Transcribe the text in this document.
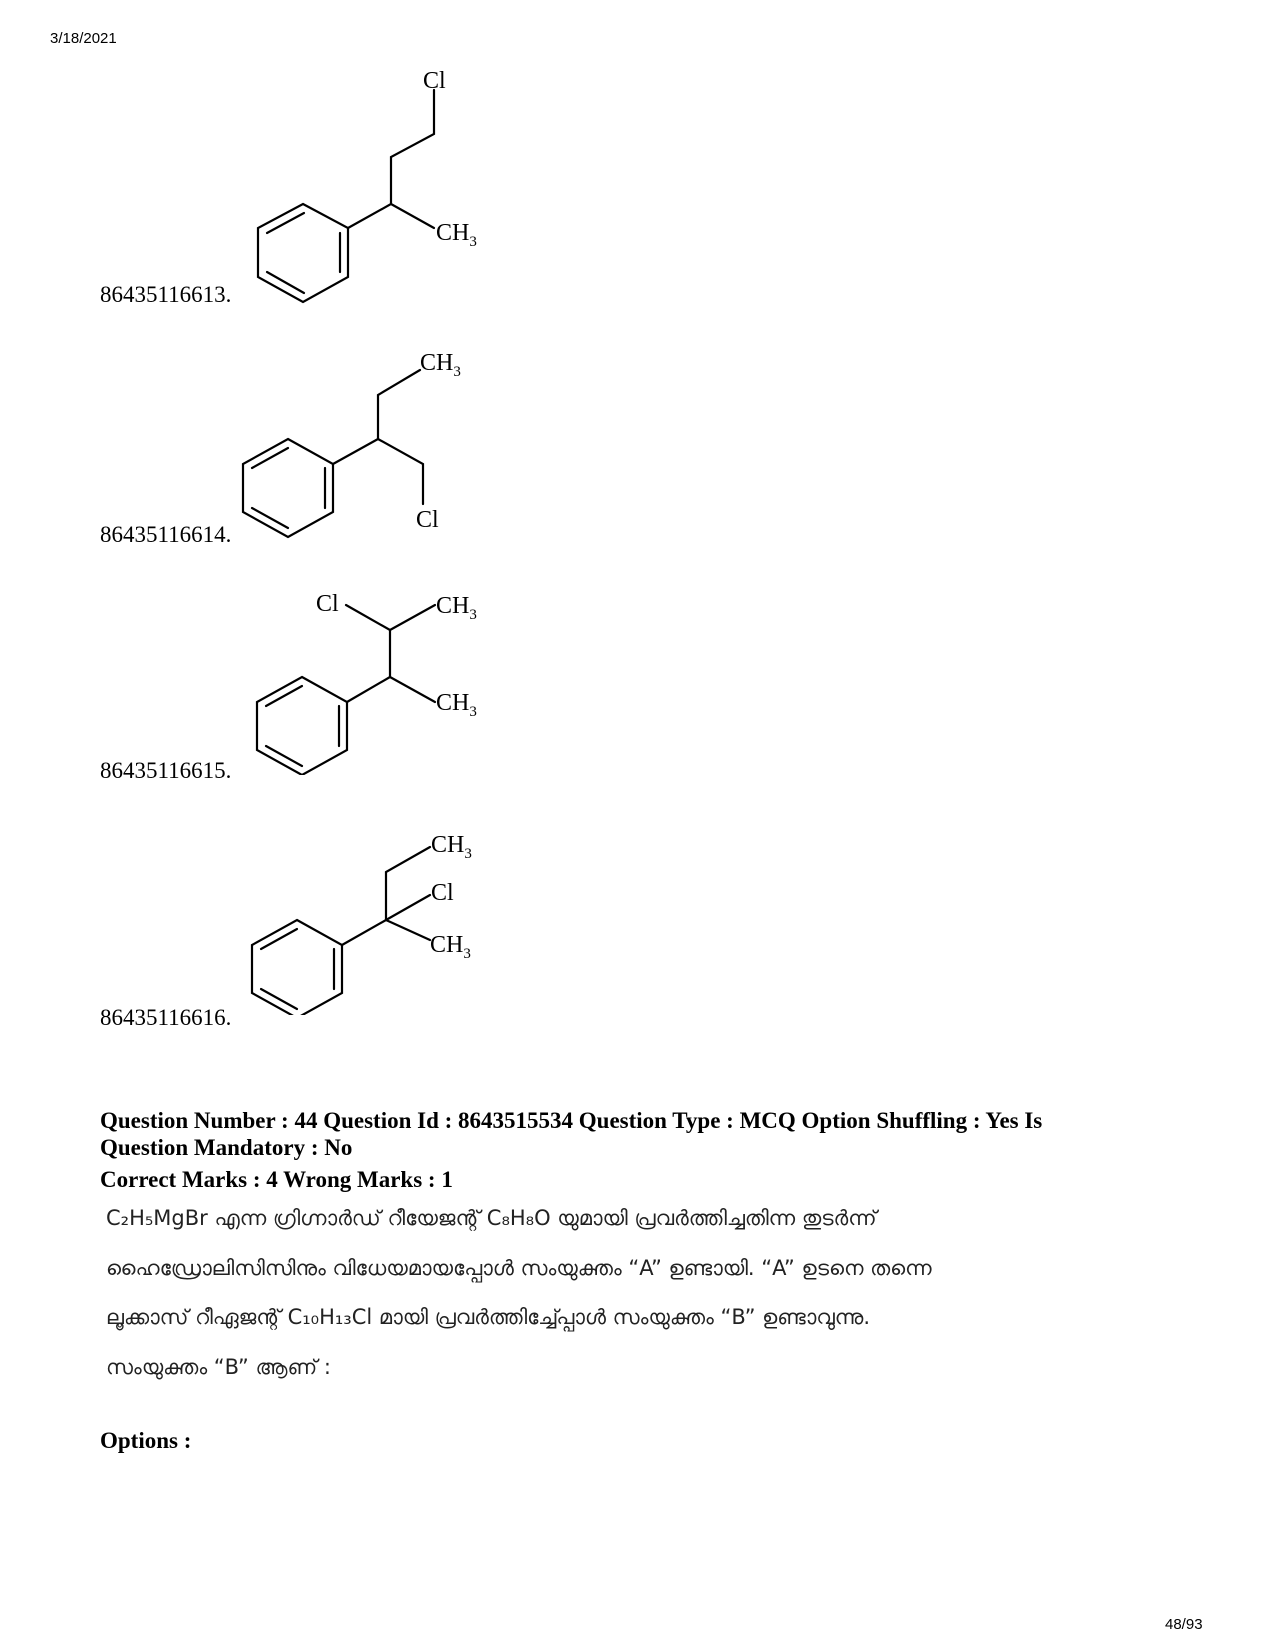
3/18/2021
Cl
$CH_3$
86435116613.
$CH_3$
Cl
86435116614.
Cl	$CH_3$
$CH_3$
86435116615.
$CH_3$
Cl
$CH_3$
86435116616.
Question Number : 44 Question Id : 8643515534 Question Type : MCQ Option Shuffling : Yes Is
Question Mandatory : No
Correct Marks : 4 Wrong Marks : 1
C₂H₅MgBr എന്ന ഗ്രിഗ്നാർഡ് റീയേജന്റ് C₈H₈O യുമായി പ്രവർത്തിച്ചതിന്ന തുടർന്ന്
ഹൈഡ്രോലിസിസിനും വിധേയമായപ്പോൾ സംയുക്തം “A” ഉണ്ടായി. “A” ഉടനെ തന്നെ
ലൂക്കാസ് റീഏജന്റ് C₁₀H₁₃Cl മായി പ്രവർത്തിച്ച്പ്പോൾ സംയുക്തം “B” ഉണ്ടാവുന്നു.
സംയുക്തം “B” ആണ് :
Options :
48/93
